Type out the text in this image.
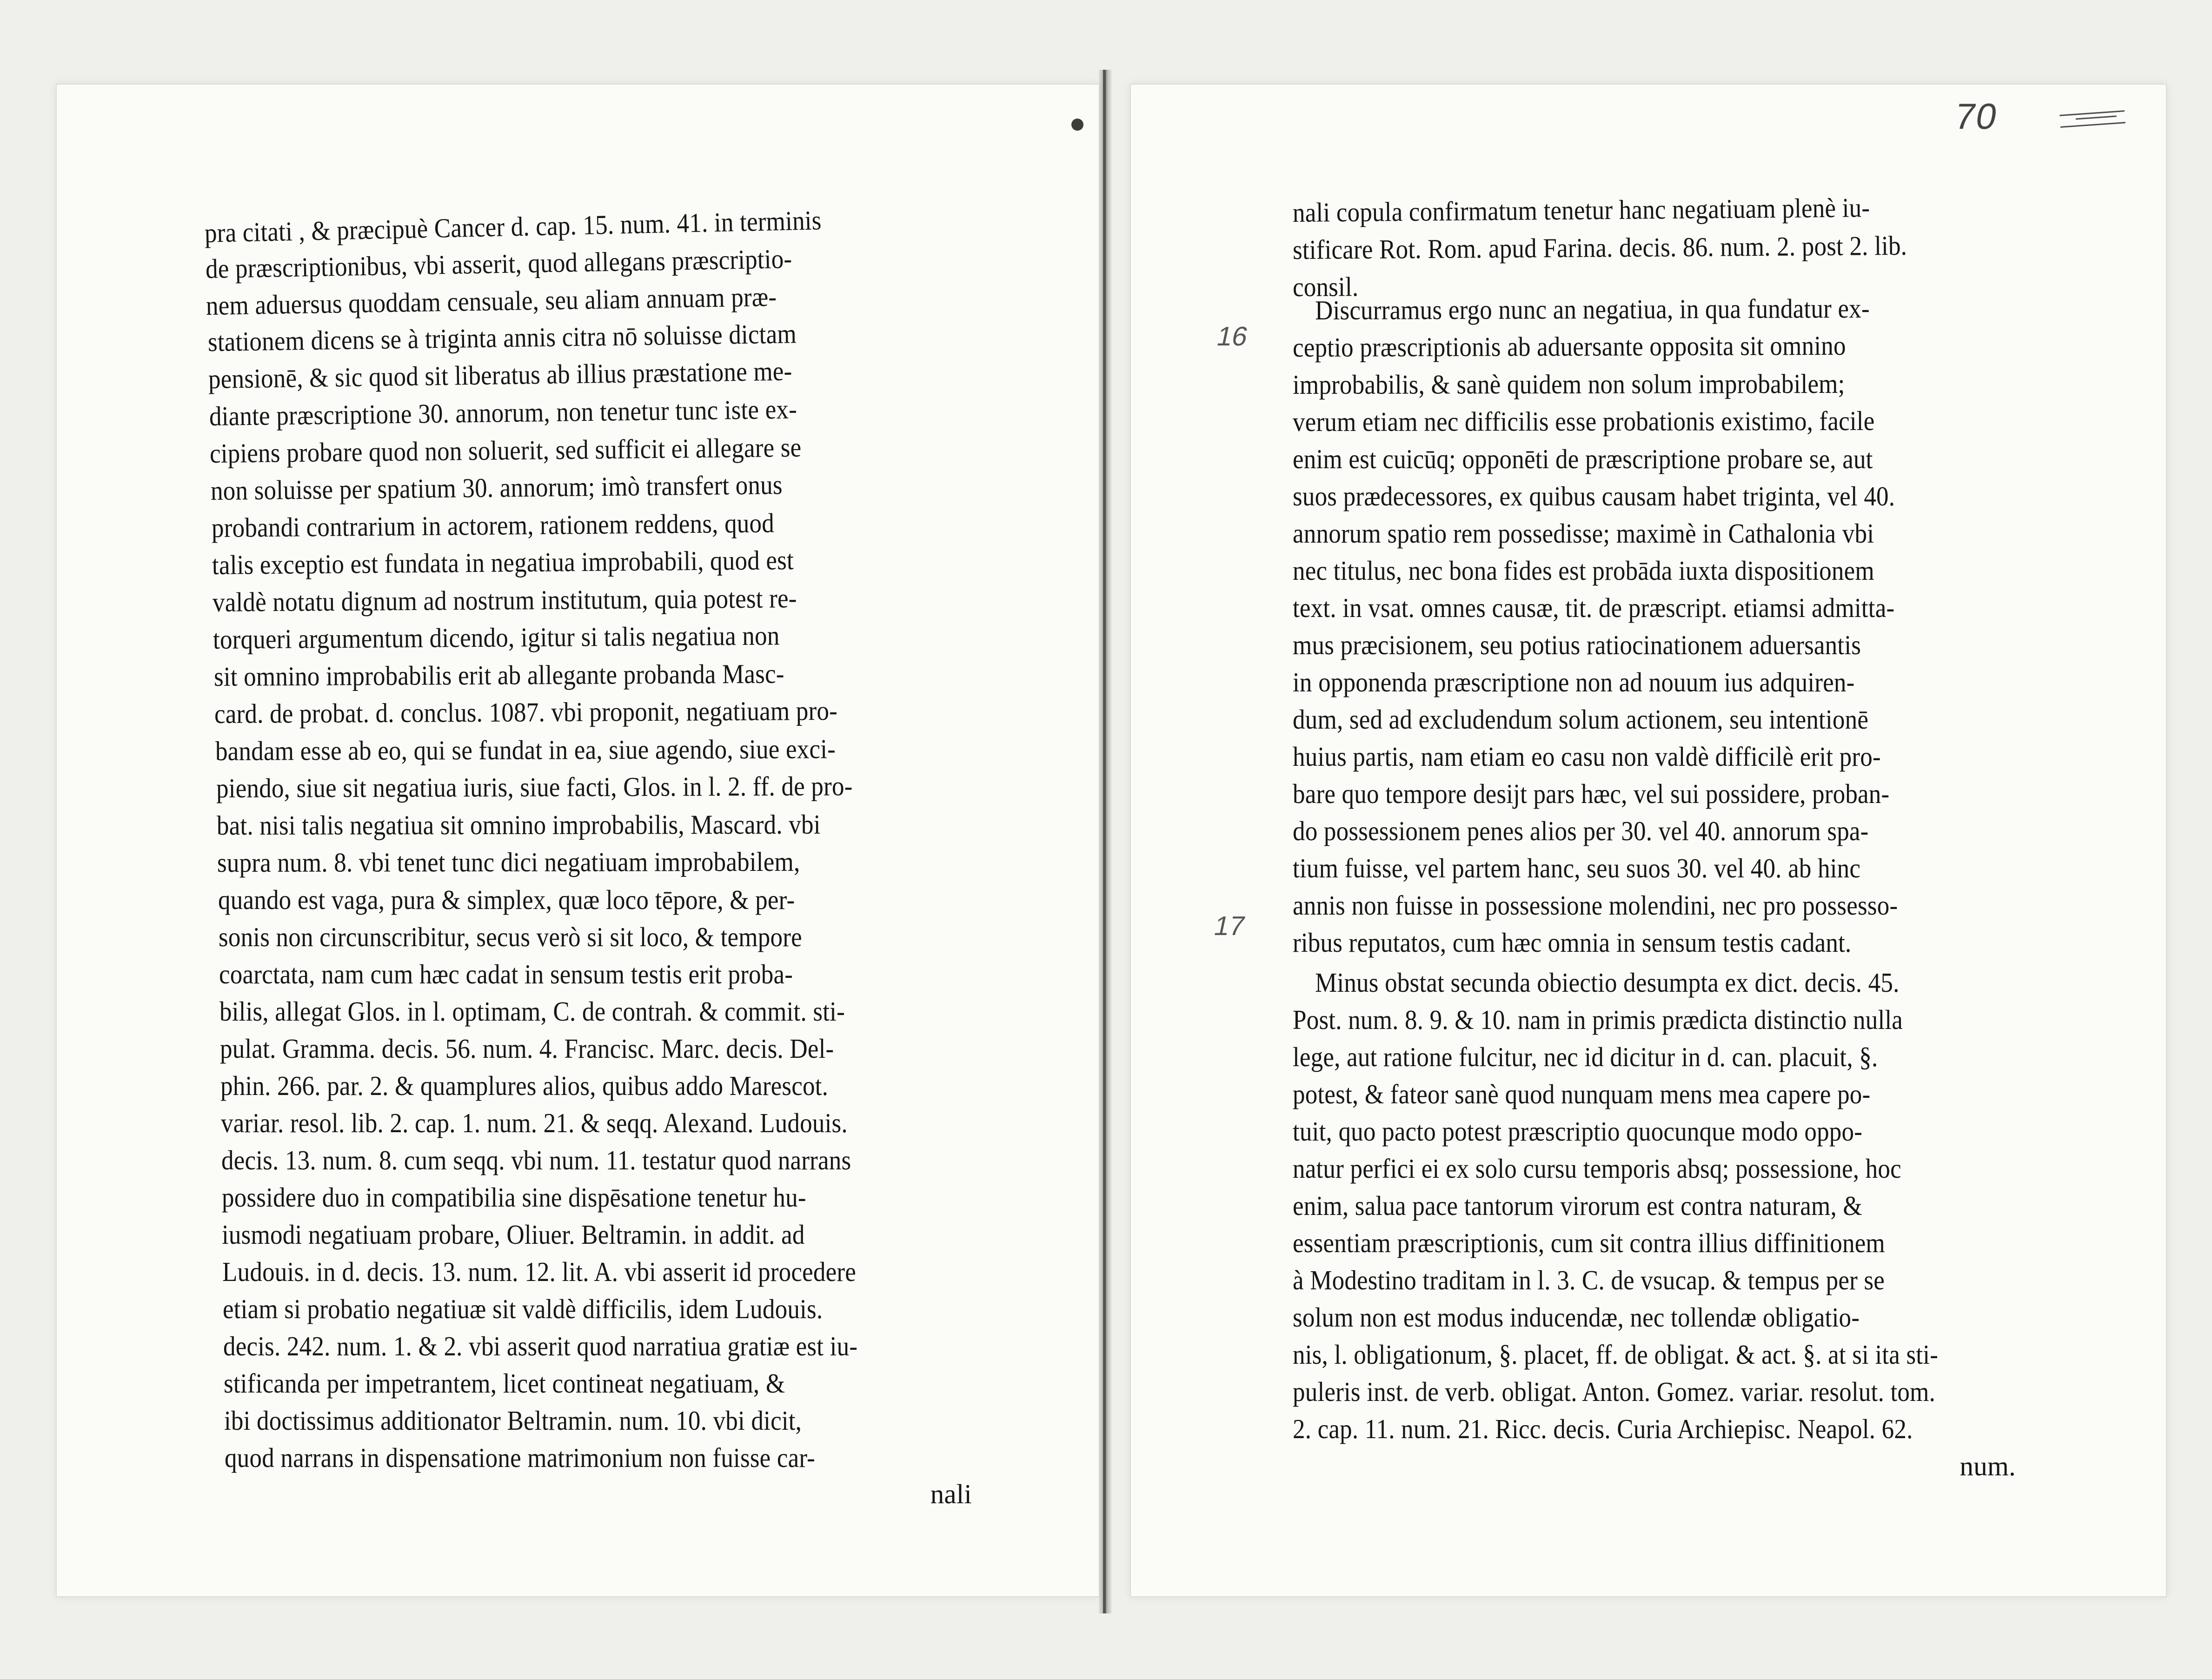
pra citati , & præcipuè Cancer d. cap. 15. num. 41. in terminis
de præscriptionibus, vbi asserit, quod allegans præscriptio-
nem aduersus quoddam censuale, seu aliam annuam præ-
stationem dicens se à triginta annis citra nō soluisse dictam
pensionē, & sic quod sit liberatus ab illius præstatione me-
diante præscriptione 30. annorum, non tenetur tunc iste ex-
cipiens probare quod non soluerit, sed sufficit ei allegare se
non soluisse per spatium 30. annorum; imò transfert onus
probandi contrarium in actorem, rationem reddens, quod
talis exceptio est fundata in negatiua improbabili, quod est
valdè notatu dignum ad nostrum institutum, quia potest re-
torqueri argumentum dicendo, igitur si talis negatiua non
sit omnino improbabilis erit ab allegante probanda Masc-
card. de probat. d. conclus. 1087. vbi proponit, negatiuam pro-
bandam esse ab eo, qui se fundat in ea, siue agendo, siue exci-
piendo, siue sit negatiua iuris, siue facti, Glos. in l. 2. ff. de pro-
bat. nisi talis negatiua sit omnino improbabilis, Mascard. vbi
supra num. 8. vbi tenet tunc dici negatiuam improbabilem,
quando est vaga, pura & simplex, quæ loco tēpore, & per-
sonis non circunscribitur, secus verò si sit loco, & tempore
coarctata, nam cum hæc cadat in sensum testis erit proba-
bilis, allegat Glos. in l. optimam, C. de contrah. & commit. sti-
pulat. Gramma. decis. 56. num. 4. Francisc. Marc. decis. Del-
phin. 266. par. 2. & quamplures alios, quibus addo Marescot.
variar. resol. lib. 2. cap. 1. num. 21. & seqq. Alexand. Ludouis.
decis. 13. num. 8. cum seqq. vbi num. 11. testatur quod narrans
possidere duo in compatibilia sine dispēsatione tenetur hu-
iusmodi negatiuam probare, Oliuer. Beltramin. in addit. ad
Ludouis. in d. decis. 13. num. 12. lit. A. vbi asserit id procedere
etiam si probatio negatiuæ sit valdè difficilis, idem Ludouis.
decis. 242. num. 1. & 2. vbi asserit quod narratiua gratiæ est iu-
stificanda per impetrantem, licet contineat negatiuam, &
ibi doctissimus additionator Beltramin. num. 10. vbi dicit,
quod narrans in dispensatione matrimonium non fuisse car-
nali
nali copula confirmatum tenetur hanc negatiuam plenè iu-
stificare Rot. Rom. apud Farina. decis. 86. num. 2. post 2. lib.
consil.
Discurramus ergo nunc an negatiua, in qua fundatur ex-
ceptio præscriptionis ab aduersante opposita sit omnino
improbabilis, & sanè quidem non solum improbabilem;
verum etiam nec difficilis esse probationis existimo, facile
enim est cuicūq; opponēti de præscriptione probare se, aut
suos prædecessores, ex quibus causam habet triginta, vel 40.
annorum spatio rem possedisse; maximè in Cathalonia vbi
nec titulus, nec bona fides est probāda iuxta dispositionem
text. in vsat. omnes causæ, tit. de præscript. etiamsi admitta-
mus præcisionem, seu potius ratiocinationem aduersantis
in opponenda præscriptione non ad nouum ius adquiren-
dum, sed ad excludendum solum actionem, seu intentionē
huius partis, nam etiam eo casu non valdè difficilè erit pro-
bare quo tempore desijt pars hæc, vel sui possidere, proban-
do possessionem penes alios per 30. vel 40. annorum spa-
tium fuisse, vel partem hanc, seu suos 30. vel 40. ab hinc
annis non fuisse in possessione molendini, nec pro possesso-
ribus reputatos, cum hæc omnia in sensum testis cadant.
Minus obstat secunda obiectio desumpta ex dict. decis. 45.
Post. num. 8. 9. & 10. nam in primis prædicta distinctio nulla
lege, aut ratione fulcitur, nec id dicitur in d. can. placuit, §.
potest, & fateor sanè quod nunquam mens mea capere po-
tuit, quo pacto potest præscriptio quocunque modo oppo-
natur perfici ei ex solo cursu temporis absq; possessione, hoc
enim, salua pace tantorum virorum est contra naturam, &
essentiam præscriptionis, cum sit contra illius diffinitionem
à Modestino traditam in l. 3. C. de vsucap. & tempus per se
solum non est modus inducendæ, nec tollendæ obligatio-
nis, l. obligationum, §. placet, ff. de obligat. & act. §. at si ita sti-
puleris inst. de verb. obligat. Anton. Gomez. variar. resolut. tom.
2. cap. 11. num. 21. Ricc. decis. Curia Archiepisc. Neapol. 62.
num.
70
16
17
